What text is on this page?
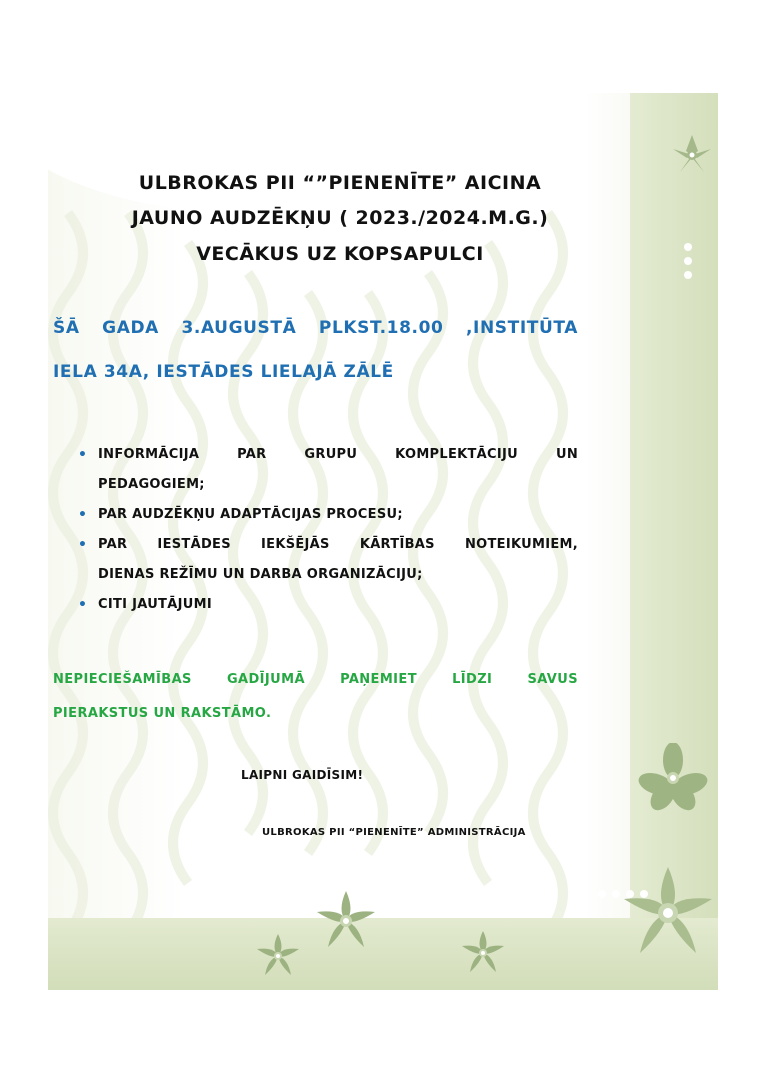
ULBROKAS PII “”PIENENĪTE” AICINA
JAUNO AUDZĒKŅU ( 2023./2024.M.G.)
VECĀKUS UZ KOPSAPULCI
ŠĀ GADA 3.AUGUSTĀ PLKST.18.00 ,INSTITŪTA
IELA 34A, IESTĀDES LIELAJĀ ZĀLĒ
• INFORMĀCIJA PAR GRUPU KOMPLEKTĀCIJU UN
PEDAGOGIEM;
• PAR AUDZĒKŅU ADAPTĀCIJAS PROCESU;
• PAR IESTĀDES IEKŠĒJĀS KĀRTĪBAS NOTEIKUMIEM,
DIENAS REŽĪMU UN DARBA ORGANIZĀCIJU;
• CITI JAUTĀJUMI
NEPIECIEŠAMĪBAS GADĪJUMĀ PAŅEMIET LĪDZI SAVUS
PIERAKSTUS UN RAKSTĀMO.
LAIPNI GAIDĪSIM!
ULBROKAS PII “PIENENĪTE” ADMINISTRĀCIJA
